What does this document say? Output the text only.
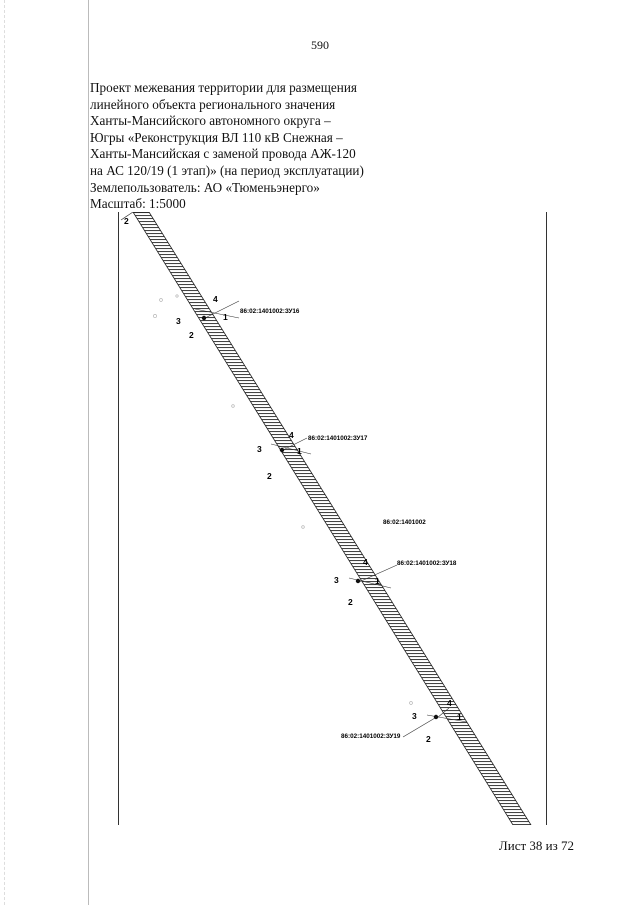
590
Проект межевания территории для размещения
линейного объекта регионального значения
Ханты-Мансийского автономного округа –
Югры «Реконструкция ВЛ 110 кВ Снежная –
Ханты-Мансийская с заменой провода АЖ-120
на АС 120/19 (1 этап)» (на период эксплуатации)
Землепользователь: АО «Тюменьэнерго»
Масштаб: 1:5000
2
4
1
3
2
86:02:1401002:ЗУ16
4
1
3
2
86:02:1401002:ЗУ17
86:02:1401002
4
1
3
2
86:02:1401002:ЗУ18
4
1
3
2
86:02:1401002:ЗУ19
Лист 38 из 72
